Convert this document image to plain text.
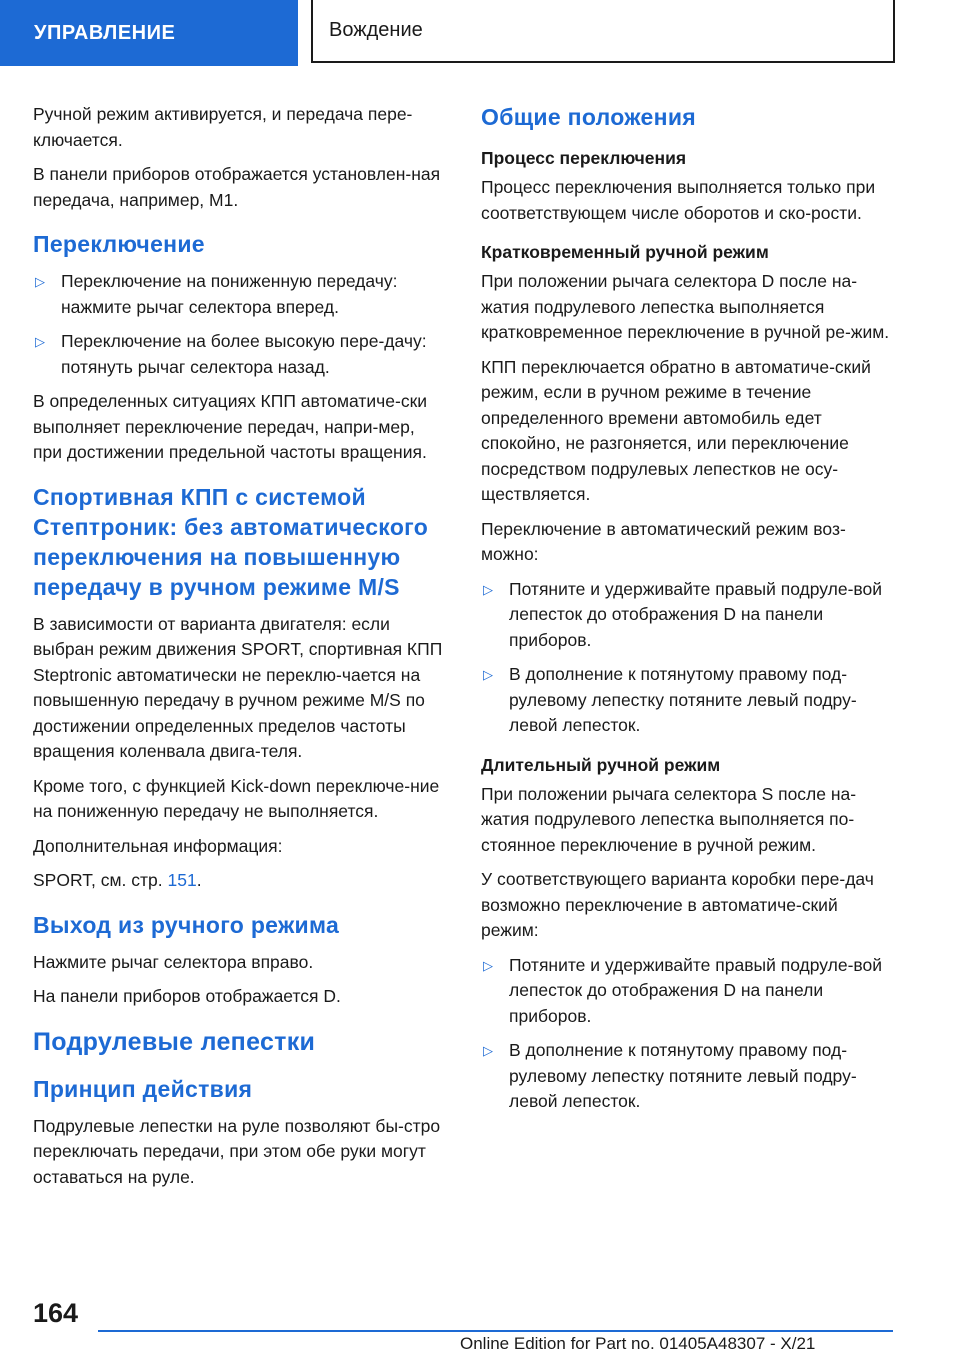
УПРАВЛЕНИЕ	Вождение

Ручной режим активируется, и передача пере-ключается.

В панели приборов отображается установлен-ная передача, например, M1.

Переключение
▷ Переключение на пониженную передачу: нажмите рычаг селектора вперед.
▷ Переключение на более высокую пере-дачу: потянуть рычаг селектора назад.

В определенных ситуациях КПП автоматиче-ски выполняет переключение передач, напри-мер, при достижении предельной частоты вращения.

Спортивная КПП с системой Стептроник: без автоматического переключения на повышенную передачу в ручном режиме M/S

В зависимости от варианта двигателя: если выбран режим движения SPORT, спортивная КПП Steptronic автоматически не переклю-чается на повышенную передачу в ручном режиме M/S по достижении определенных пределов частоты вращения коленвала двига-теля.

Кроме того, с функцией Kick-down переключе-ние на пониженную передачу не выполняется.

Дополнительная информация:

SPORT, см. стр. 151.

Выход из ручного режима

Нажмите рычаг селектора вправо.

На панели приборов отображается D.

Подрулевые лепестки
Принцип действия

Подрулевые лепестки на руле позволяют бы-стро переключать передачи, при этом обе руки могут оставаться на руле.

Общие положения
Процесс переключения

Процесс переключения выполняется только при соответствующем числе оборотов и ско-рости.

Кратковременный ручной режим

При положении рычага селектора D после на-жатия подрулевого лепестка выполняется кратковременное переключение в ручной ре-жим.

КПП переключается обратно в автоматиче-ский режим, если в ручном режиме в течение определенного времени автомобиль едет спокойно, не разгоняется, или переключение посредством подрулевых лепестков не осу-ществляется.

Переключение в автоматический режим воз-можно:

▷ Потяните и удерживайте правый подруле-вой лепесток до отображения D на панели приборов.
▷ В дополнение к потянутому правому под-рулевому лепестку потяните левый подру-левой лепесток.
Длительный ручной режим

При положении рычага селектора S после на-жатия подрулевого лепестка выполняется по-стоянное переключение в ручной режим.

У соответствующего варианта коробки пере-дач возможно переключение в автоматиче-ский режим:

▷ Потяните и удерживайте правый подруле-вой лепесток до отображения D на панели приборов.
▷ В дополнение к потянутому правому под-рулевому лепестку потяните левый подру-левой лепесток.
164
Online Edition for Part no. 01405A48307 - X/21
